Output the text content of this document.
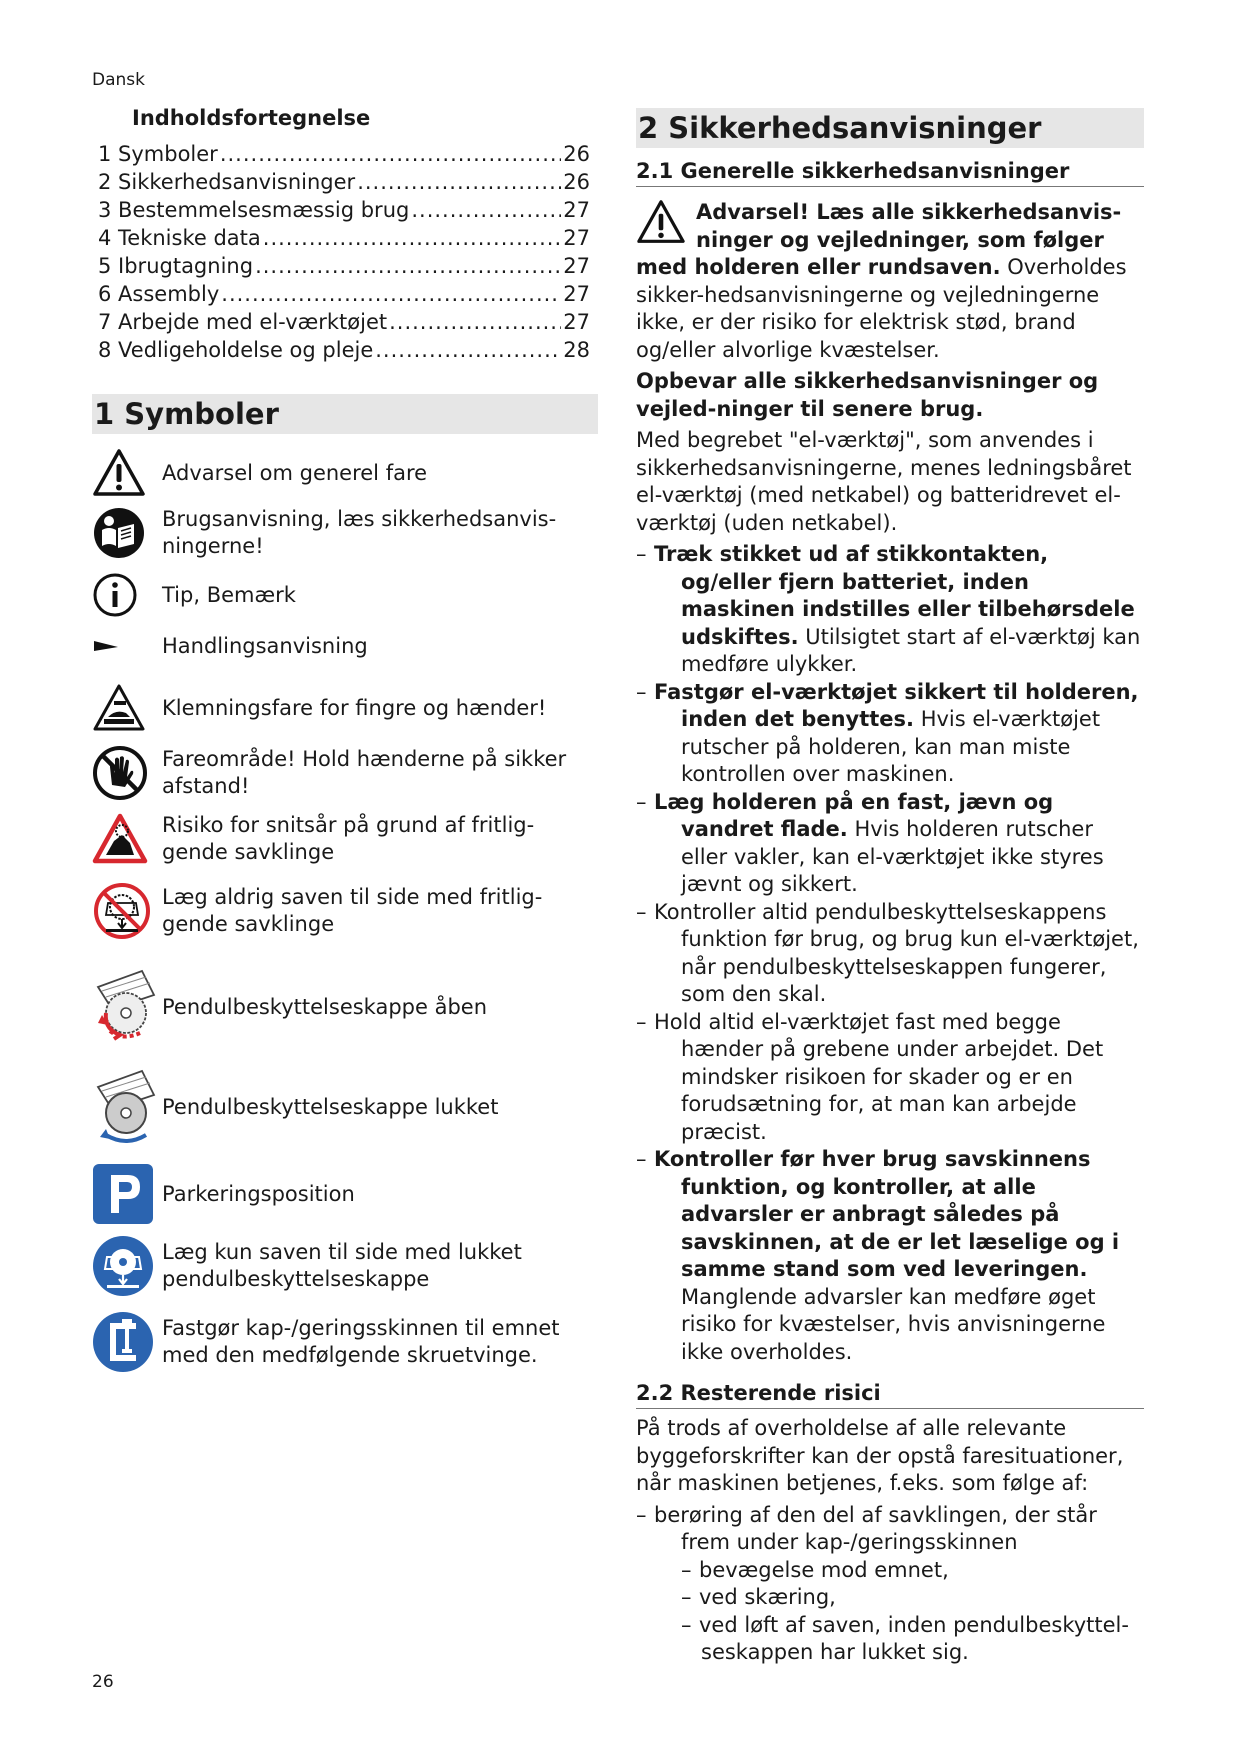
Dansk
Indholdsfortegnelse
1 Symboler .....	26
2 Sikkerhedsanvisninger .....	26
3 Bestemmelsesmæssig brug .....	27
4 Tekniske data .....	27
5 Ibrugtagning .....	27
6 Assembly .....	27
7 Arbejde med el-værktøjet .....	27
8 Vedligeholdelse og pleje .....	28
1 Symboler
Advarsel om generel fare
Brugsanvisning, læs sikkerhedsanvis-ningerne!
Tip, Bemærk
Handlingsanvisning
Klemningsfare for fingre og hænder!
Fareområde! Hold hænderne på sikker afstand!
Risiko for snitsår på grund af fritlig-gende savklinge
Læg aldrig saven til side med fritlig-gende savklinge
Pendulbeskyttelseskappe åben
Pendulbeskyttelseskappe lukket
Parkeringsposition
Læg kun saven til side med lukket pendulbeskyttelseskappe
Fastgør kap-/geringsskinnen til emnet med den medfølgende skruetvinge.
2 Sikkerhedsanvisninger
2.1 Generelle sikkerhedsanvisninger

Advarsel! Læs alle sikkerhedsanvis-ninger og vejledninger, som følger med holderen eller rundsaven. Overholdes sikker-hedsanvisningerne og vejledningerne ikke, er der risiko for elektrisk stød, brand og/eller alvorlige kvæstelser.

Opbevar alle sikkerhedsanvisninger og vejled-ninger til senere brug.

Med begrebet "el-værktøj", som anvendes i sikkerhedsanvisningerne, menes ledningsbåret el-værktøj (med netkabel) og batteridrevet el-værktøj (uden netkabel).

– Træk stikket ud af stikkontakten, og/eller fjern batteriet, inden maskinen indstilles eller tilbehørsdele udskiftes. Utilsigtet start af el-værktøj kan medføre ulykker.
– Fastgør el-værktøjet sikkert til holderen, inden det benyttes. Hvis el-værktøjet rutscher på holderen, kan man miste kontrollen over maskinen.
– Læg holderen på en fast, jævn og vandret flade. Hvis holderen rutscher eller vakler, kan el-værktøjet ikke styres jævnt og sikkert.
– Kontroller altid pendulbeskyttelseskappens funktion før brug, og brug kun el-værktøjet, når pendulbeskyttelseskappen fungerer, som den skal.
– Hold altid el-værktøjet fast med begge hænder på grebene under arbejdet. Det mindsker risikoen for skader og er en forudsætning for, at man kan arbejde præcist.
– Kontroller før hver brug savskinnens funktion, og kontroller, at alle advarsler er anbragt således på savskinnen, at de er let læselige og i samme stand som ved leveringen. Manglende advarsler kan medføre øget risiko for kvæstelser, hvis anvisningerne ikke overholdes.
2.2 Resterende risici

På trods af overholdelse af alle relevante byggeforskrifter kan der opstå faresituationer, når maskinen betjenes, f.eks. som følge af:

– berøring af den del af savklingen, der står frem under kap-/geringsskinnen
– bevægelse mod emnet,
– ved skæring,
– ved løft af saven, inden pendulbeskyttel-seskappen har lukket sig.
26
